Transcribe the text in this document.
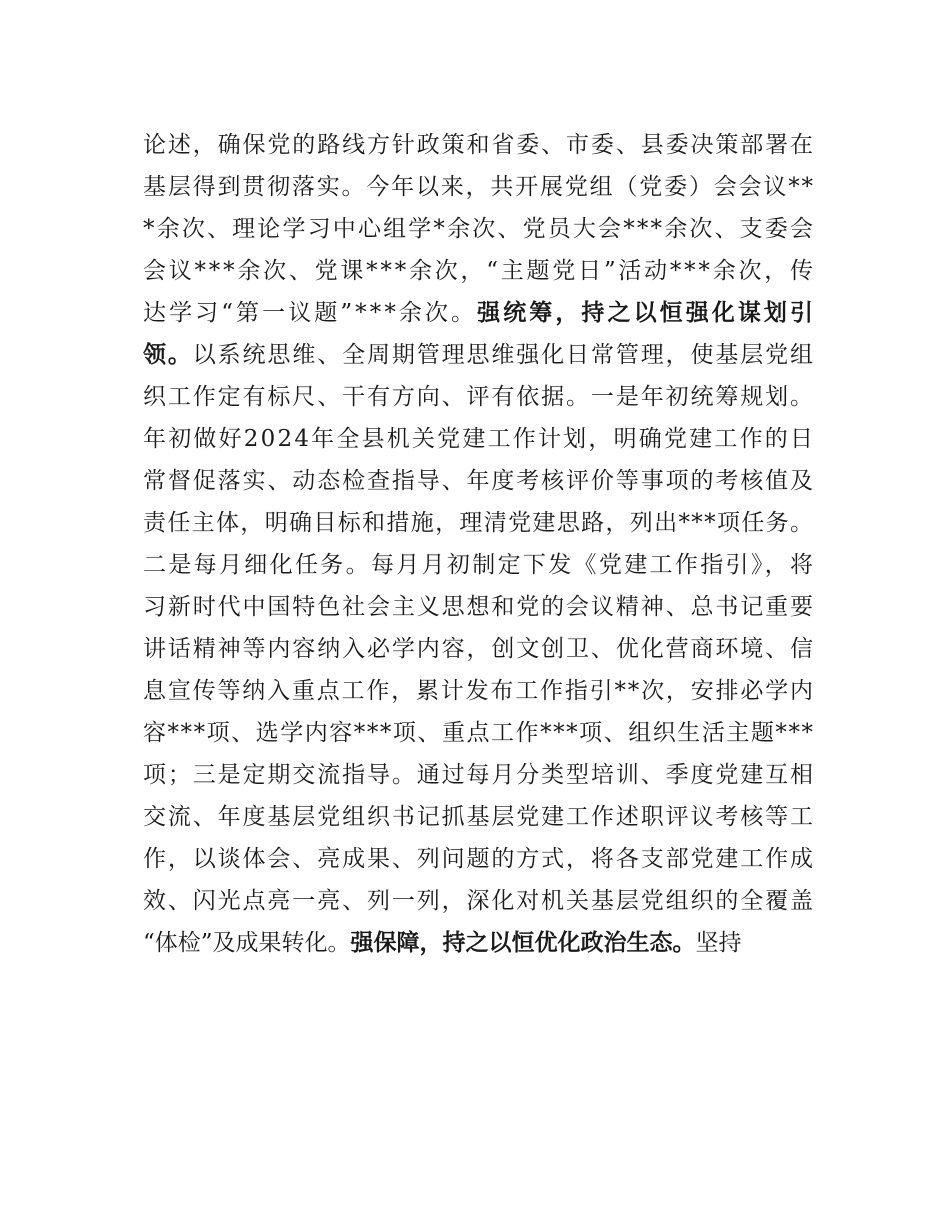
论述，确保党的路线方针政策和省委、市委、县委决策部署在
基层得到贯彻落实。今年以来，共开展党组（党委）会会议**
*余次、理论学习中心组学*余次、党员大会***余次、支委会
会议***余次、党课***余次，“主题党日”活动***余次，传
达学习“第一议题”***余次。 强统筹，持之以恒强化谋划引
领。 以系统思维、全周期管理思维强化日常管理，使基层党组
织工作定有标尺、干有方向、评有依据。一是年初统筹规划。
年初做好2024年全县机关党建工作计划，明确党建工作的日
常督促落实、动态检查指导、年度考核评价等事项的考核值及
责任主体，明确目标和措施，理清党建思路，列出***项任务。
二是每月细化任务。每月月初制定下发《党建工作指引》，将
习新时代中国特色社会主义思想和党的会议精神、总书记重要
讲话精神等内容纳入必学内容，创文创卫、优化营商环境、信
息宣传等纳入重点工作，累计发布工作指引**次，安排必学内
容***项、选学内容***项、重点工作***项、组织生活主题***
项；三是定期交流指导。通过每月分类型培训、季度党建互相
交流、年度基层党组织书记抓基层党建工作述职评议考核等工
作，以谈体会、亮成果、列问题的方式，将各支部党建工作成
效、闪光点亮一亮、列一列，深化对机关基层党组织的全覆盖
“体检”及成果转化。 强保障，持之以恒优化政治生态。 坚持
